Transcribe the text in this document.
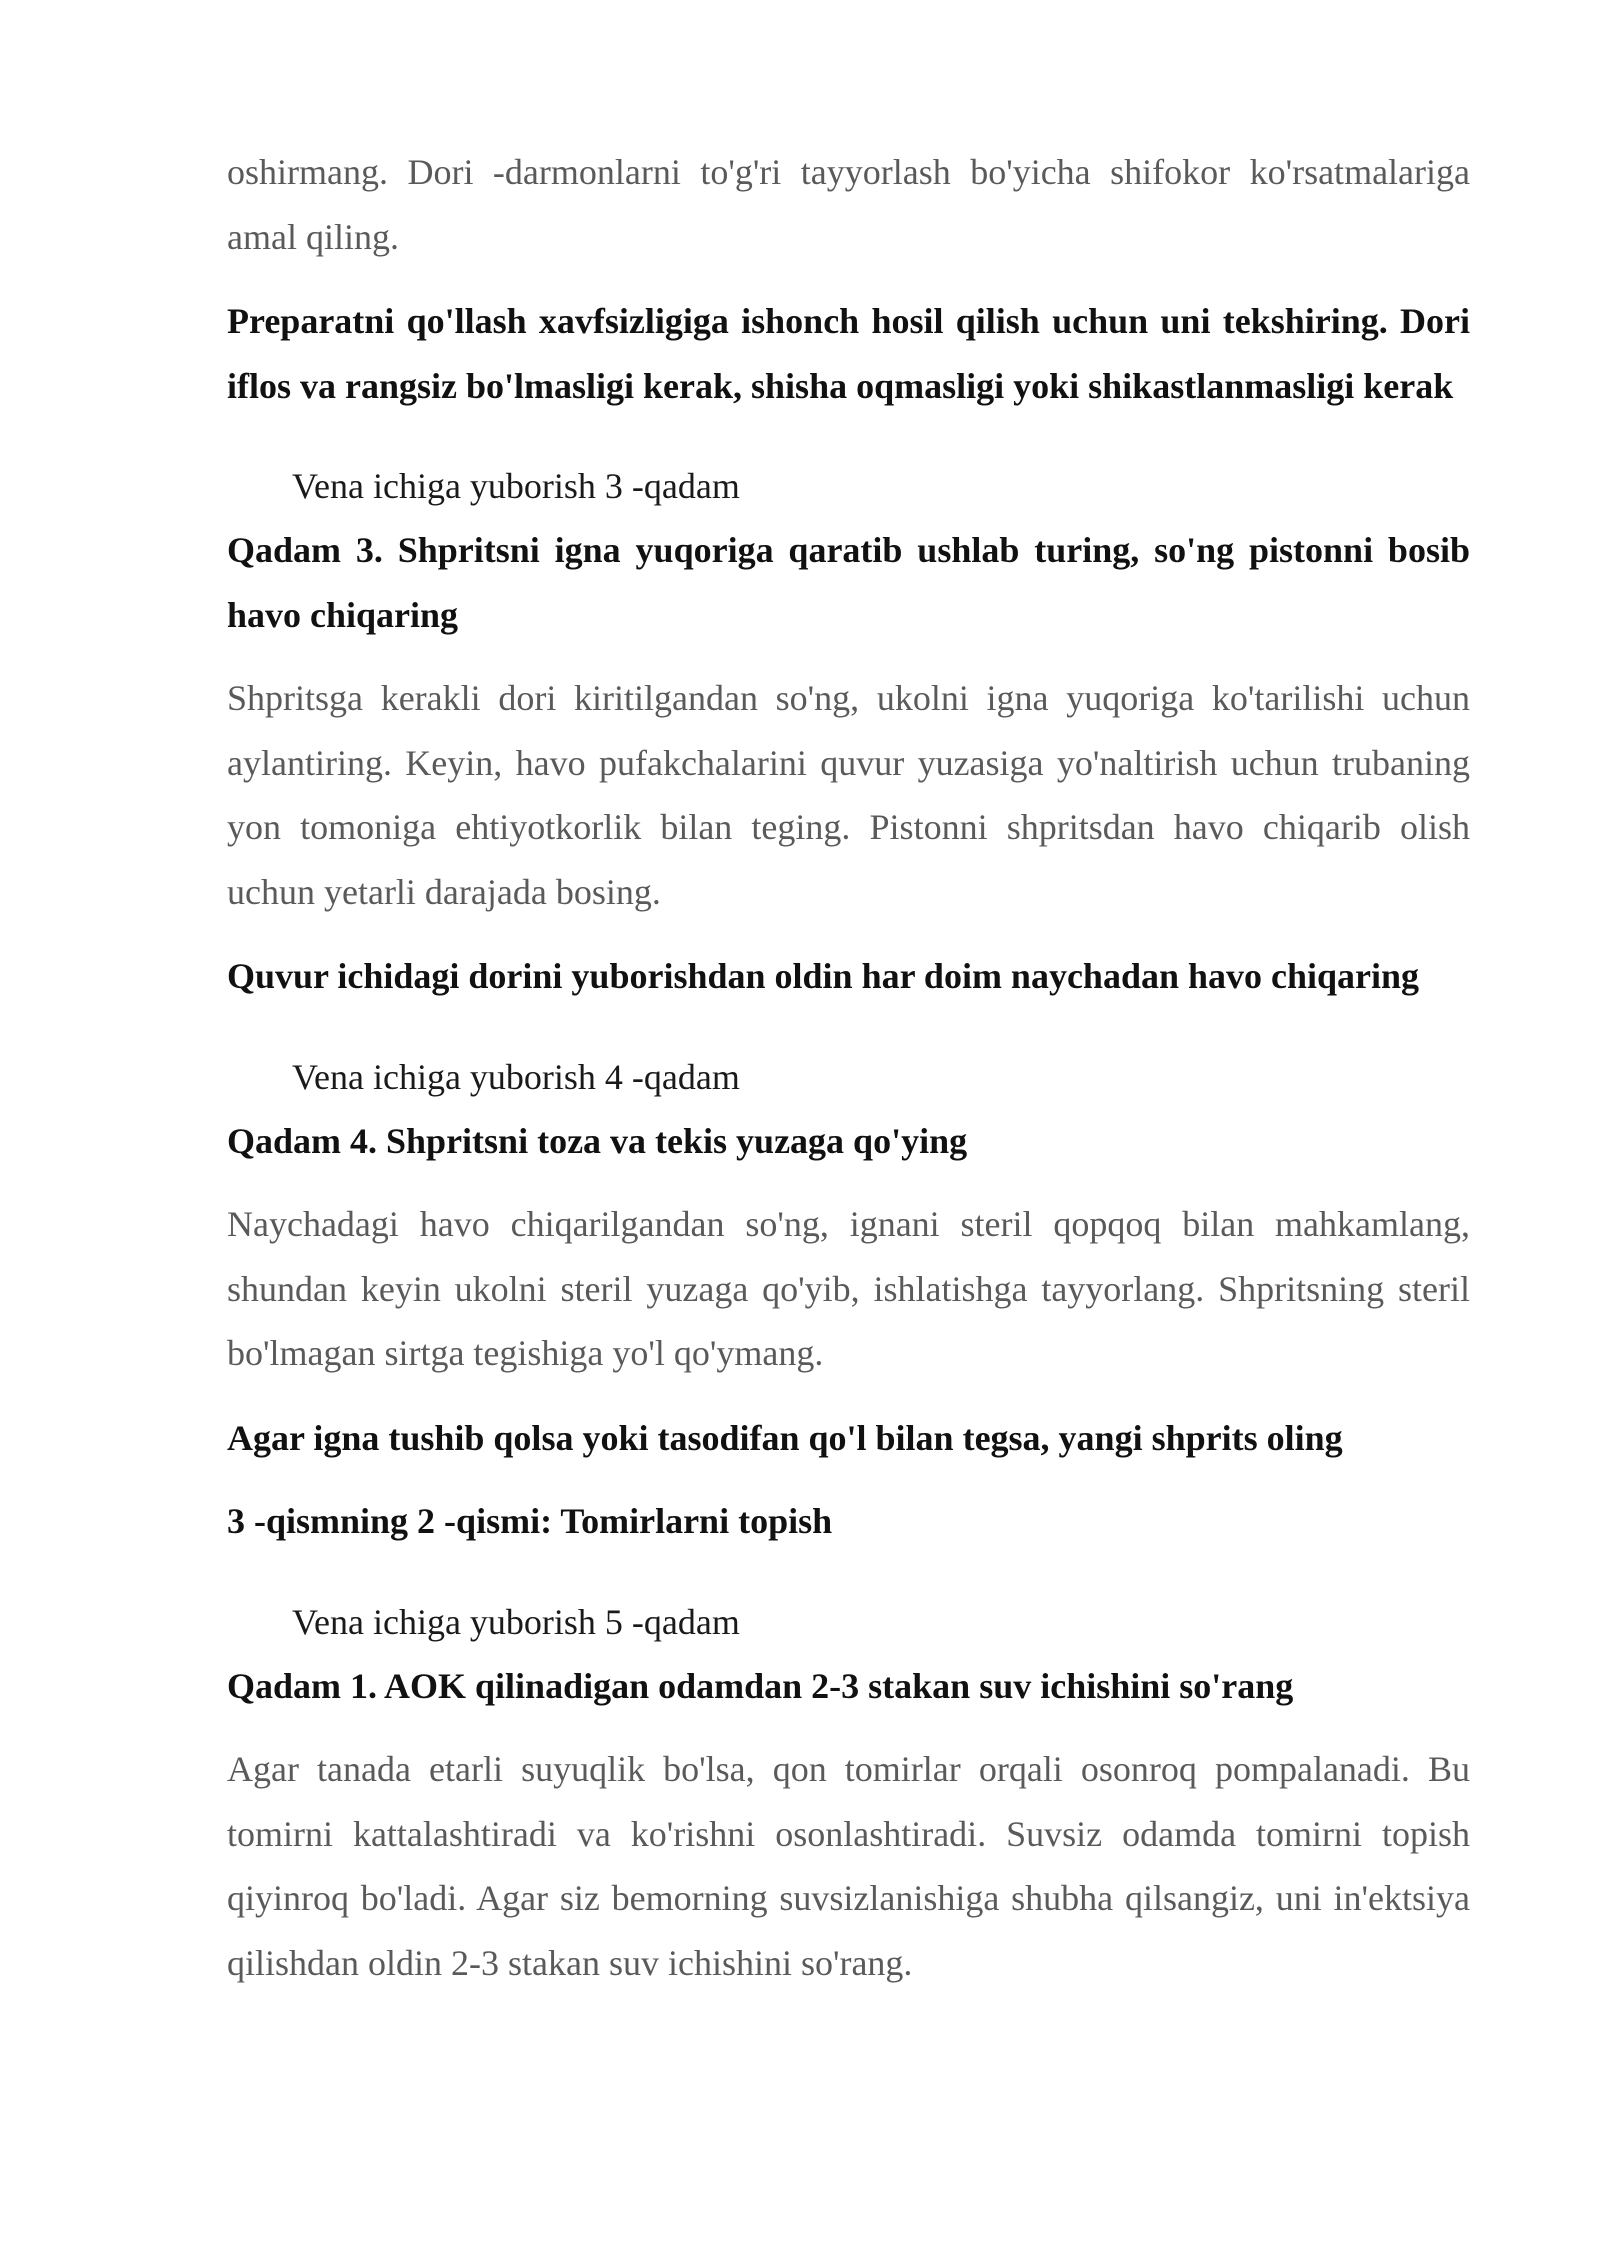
oshirmang. Dori -darmonlarni to'g'ri tayyorlash bo'yicha shifokor ko'rsatmalariga amal qiling.

Preparatni qo'llash xavfsizligiga ishonch hosil qilish uchun uni tekshiring. Dori iflos va rangsiz bo'lmasligi kerak, shisha oqmasligi yoki shikastlanmasligi kerak

Vena ichiga yuborish 3 -qadam

Qadam 3. Shpritsni igna yuqoriga qaratib ushlab turing, so'ng pistonni bosib havo chiqaring

Shpritsga kerakli dori kiritilgandan so'ng, ukolni igna yuqoriga ko'tarilishi uchun aylantiring. Keyin, havo pufakchalarini quvur yuzasiga yo'naltirish uchun trubaning yon tomoniga ehtiyotkorlik bilan teging. Pistonni shpritsdan havo chiqarib olish uchun yetarli darajada bosing.

Quvur ichidagi dorini yuborishdan oldin har doim naychadan havo chiqaring

Vena ichiga yuborish 4 -qadam

Qadam 4. Shpritsni toza va tekis yuzaga qo'ying

Naychadagi havo chiqarilgandan so'ng, ignani steril qopqoq bilan mahkamlang, shundan keyin ukolni steril yuzaga qo'yib, ishlatishga tayyorlang. Shpritsning steril bo'lmagan sirtga tegishiga yo'l qo'ymang.

Agar igna tushib qolsa yoki tasodifan qo'l bilan tegsa, yangi shprits oling

3 -qismning 2 -qismi: Tomirlarni topish

Vena ichiga yuborish 5 -qadam

Qadam 1. AOK qilinadigan odamdan 2-3 stakan suv ichishini so'rang

Agar tanada etarli suyuqlik bo'lsa, qon tomirlar orqali osonroq pompalanadi. Bu tomirni kattalashtiradi va ko'rishni osonlashtiradi. Suvsiz odamda tomirni topish qiyinroq bo'ladi. Agar siz bemorning suvsizlanishiga shubha qilsangiz, uni in'ektsiya qilishdan oldin 2-3 stakan suv ichishini so'rang.
